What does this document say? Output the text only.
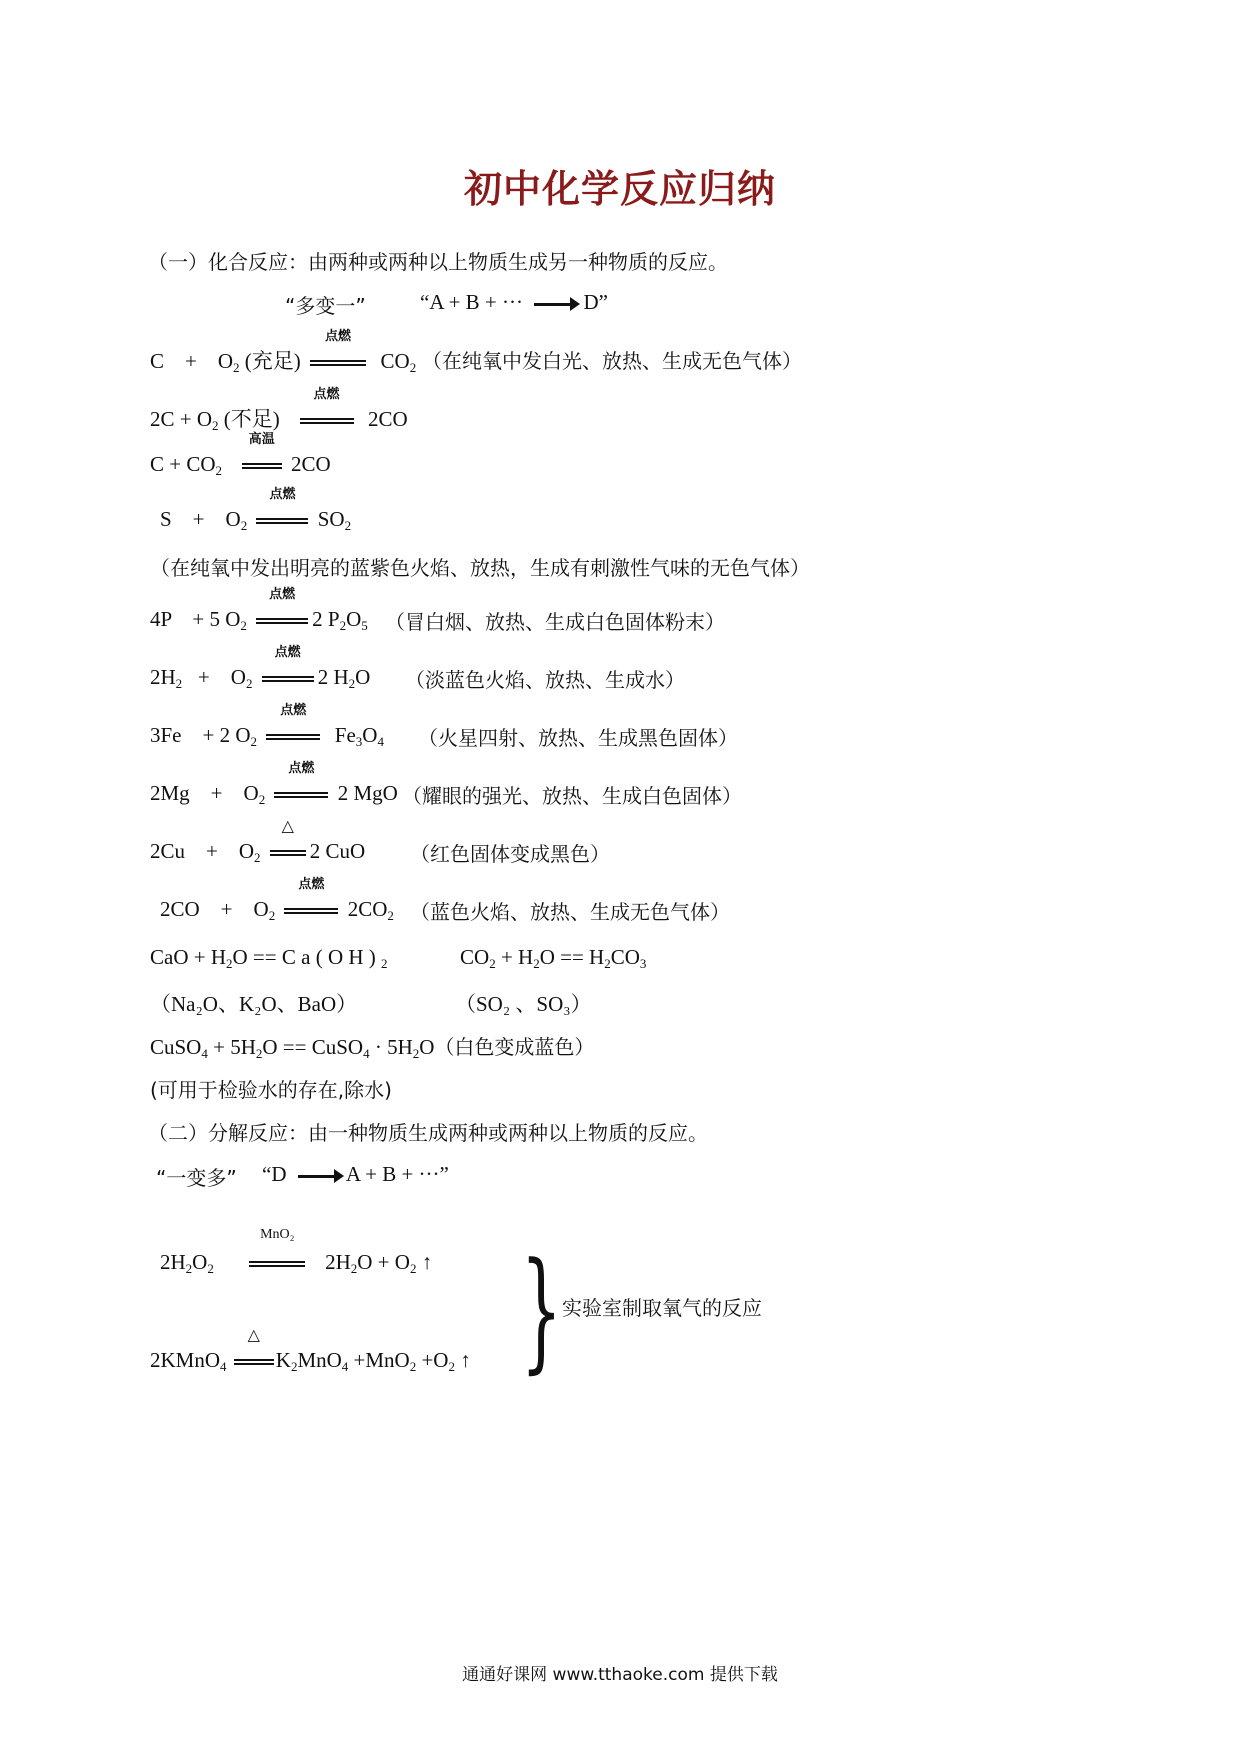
初中化学反应归纳
（一）化合反应：由两种或两种以上物质生成另一种物质的反应。
“多变一”	“A + B + ···	D”
C    +    $O_2$ (充足)
点燃
$CO_2$ （在纯氧中发白光、放热、生成无色气体）
$2C + O_2$ (不足)
点燃
2CO
$C + CO_2$
高温
2CO
S    +    $O_2$
点燃
$SO_2$
（在纯氧中发出明亮的蓝紫色火焰、放热，生成有刺激性气味的无色气体）
4P    + 5 $O_2$
点燃
2 $P_2O_5$ （冒白烟、放热、生成白色固体粉末）
$2H_2$   +    $O_2$
点燃
2 $H_2O$ （淡蓝色火焰、放热、生成水）
3Fe    + 2 $O_2$
点燃
$Fe_3O_4$ （火星四射、放热、生成黑色固体）
2Mg    +    $O_2$
点燃
2 MgO （耀眼的强光、放热、生成白色固体）
2Cu    +    $O_2$
△
2 CuO （红色固体变成黑色）
2CO    +    $O_2$
点燃
$2CO_2$ （蓝色火焰、放热、生成无色气体）
CaO + $H_2O == C$ a ( O H ) $_2$	$CO_2 + H_2O == H_2CO_3$
（Na₂O、K₂O、BaO）	（SO₂ 、SO₃）
CuSO$_4$ + $5H_2O$ == CuSO$_4$ · $5H_2O$（白色变成蓝色）
(可用于检验水的存在,除水)
（二）分解反应：由一种物质生成两种或两种以上物质的反应。
“一变多” “D	A + B + ···”
$2H_2O_2$
MnO₂
$2H_2O + O_2$ ↑
2KMnO$_4$
△
$K_2MnO_4 +MnO_2 +O_2$ ↑ } 实验室制取氧气的反应
通通好课网 www.tthaoke.com 提供下载
